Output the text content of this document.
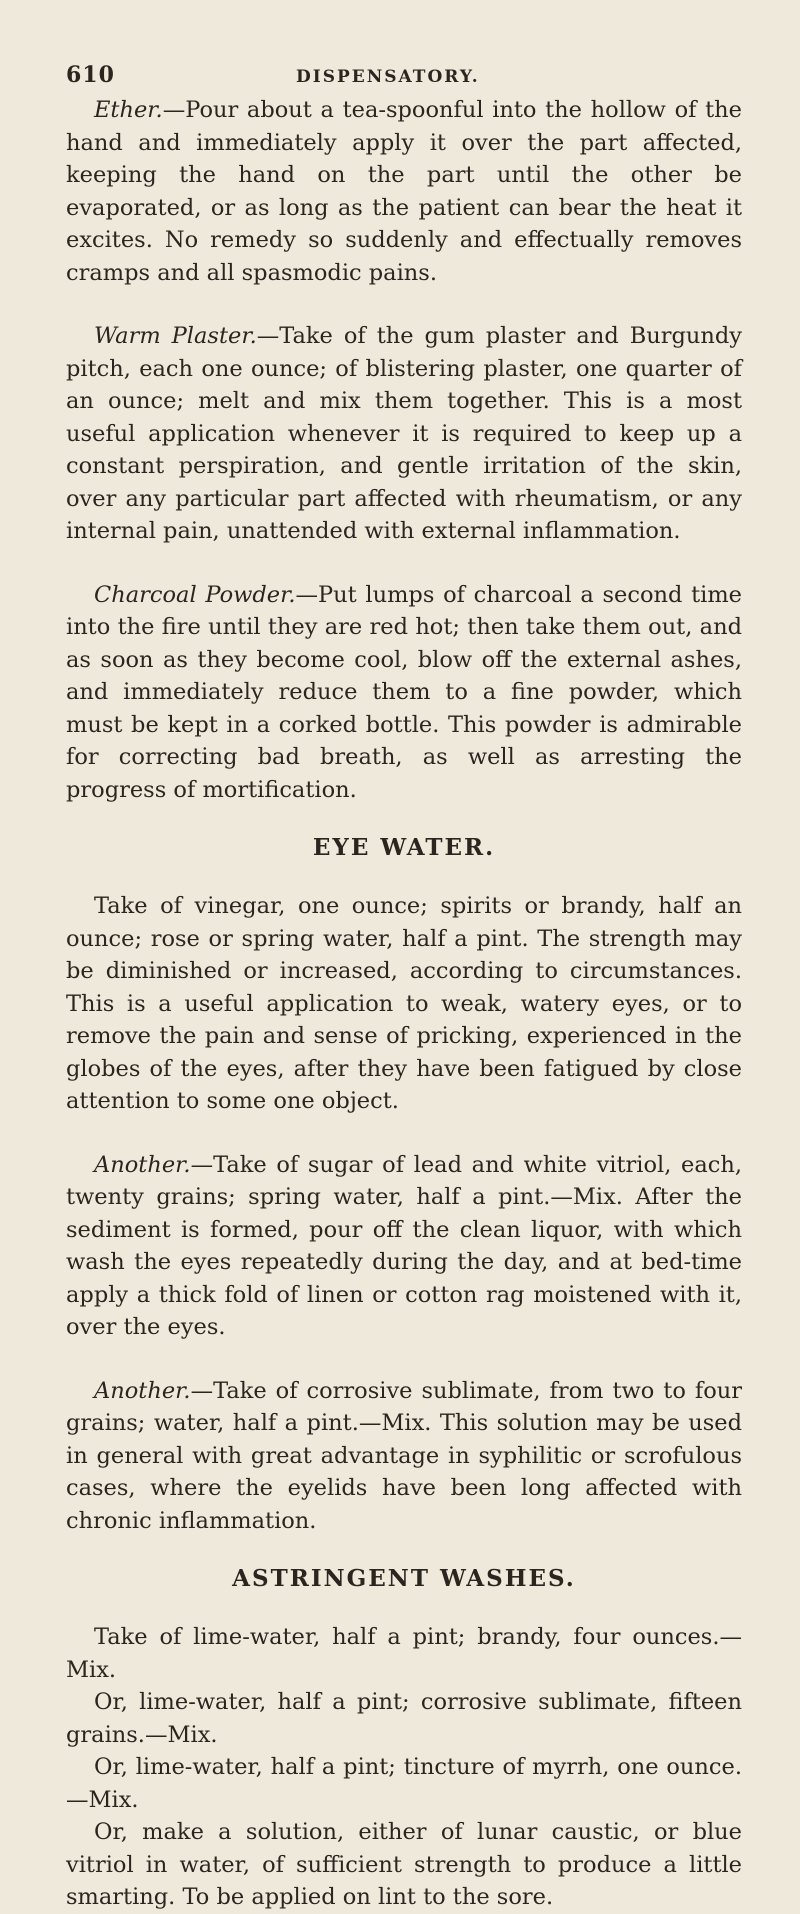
610	DISPENSATORY.

Ether.—Pour about a tea-spoonful into the hollow of the hand and immediately apply it over the part affected, keeping the hand on the part until the other be evaporated, or as long as the patient can bear the heat it excites. No remedy so suddenly and effectually removes cramps and all spasmodic pains.

Warm Plaster.—Take of the gum plaster and Burgundy pitch, each one ounce; of blistering plaster, one quarter of an ounce; melt and mix them together. This is a most useful application whenever it is required to keep up a constant perspiration, and gentle irritation of the skin, over any particular part affected with rheumatism, or any internal pain, unattended with external inflammation.

Charcoal Powder.—Put lumps of charcoal a second time into the fire until they are red hot; then take them out, and as soon as they become cool, blow off the external ashes, and immediately reduce them to a fine powder, which must be kept in a corked bottle. This powder is admirable for correcting bad breath, as well as arresting the progress of mortification.

EYE WATER.

Take of vinegar, one ounce; spirits or brandy, half an ounce; rose or spring water, half a pint. The strength may be diminished or increased, according to circumstances. This is a useful application to weak, watery eyes, or to remove the pain and sense of pricking, experienced in the globes of the eyes, after they have been fatigued by close attention to some one object.

Another.—Take of sugar of lead and white vitriol, each, twenty grains; spring water, half a pint.—Mix. After the sediment is formed, pour off the clean liquor, with which wash the eyes repeatedly during the day, and at bed-time apply a thick fold of linen or cotton rag moistened with it, over the eyes.

Another.—Take of corrosive sublimate, from two to four grains; water, half a pint.—Mix. This solution may be used in general with great advantage in syphilitic or scrofulous cases, where the eyelids have been long affected with chronic inflammation.

ASTRINGENT WASHES.

Take of lime-water, half a pint; brandy, four ounces.—Mix.

Or, lime-water, half a pint; corrosive sublimate, fifteen grains.—Mix.

Or, lime-water, half a pint; tincture of myrrh, one ounce.—Mix.

Or, make a solution, either of lunar caustic, or blue vitriol in water, of sufficient strength to produce a little smarting. To be applied on lint to the sore.
